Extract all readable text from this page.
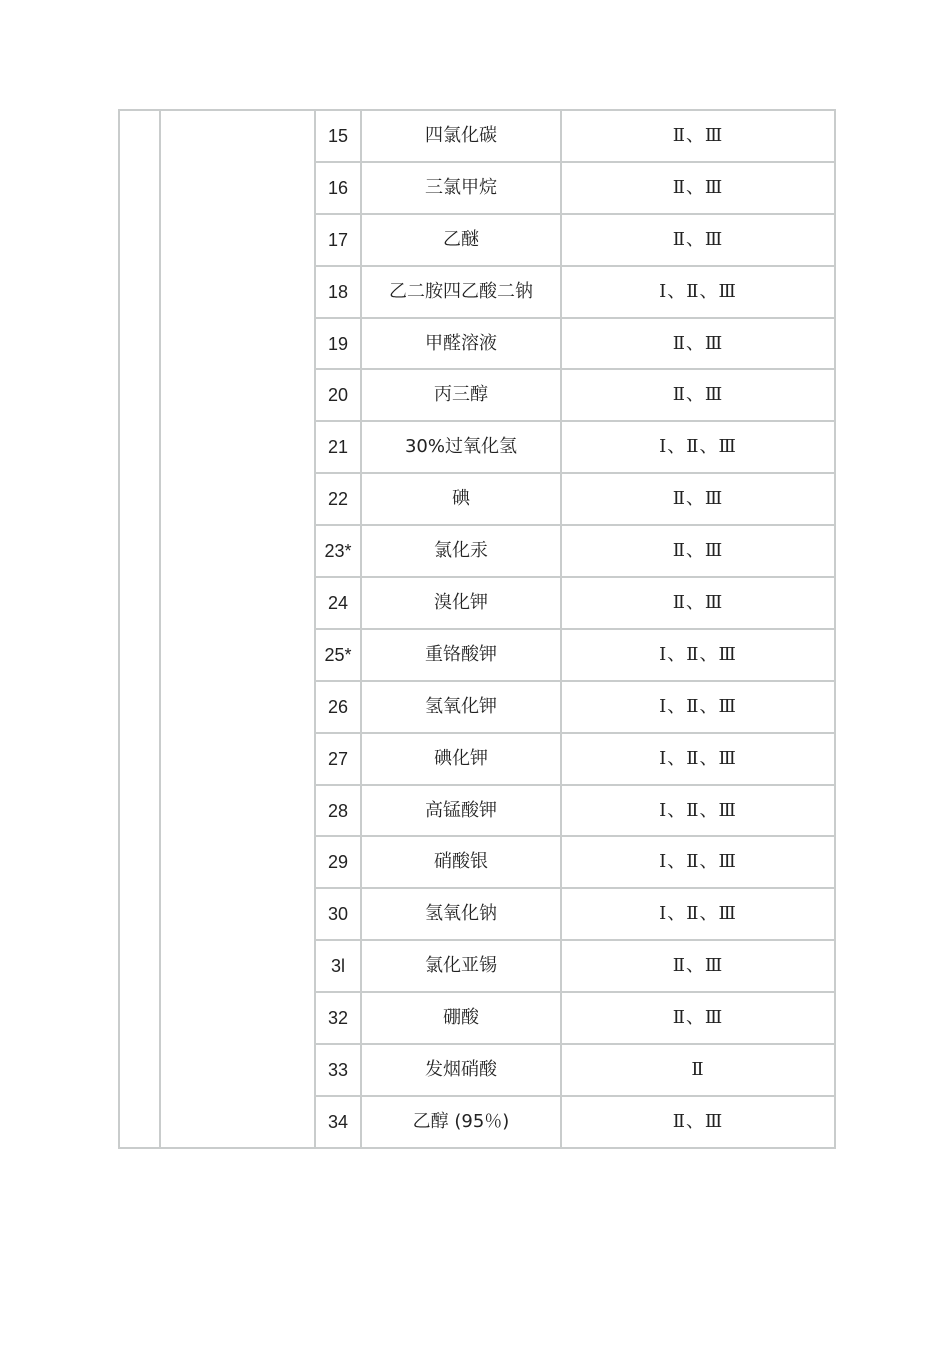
		15	四氯化碳	Ⅱ、Ⅲ
		16	三氯甲烷	Ⅱ、Ⅲ
		17	乙醚	Ⅱ、Ⅲ
		18	乙二胺四乙酸二钠	Ⅰ、Ⅱ、Ⅲ
		19	甲醛溶液	Ⅱ、Ⅲ
		20	丙三醇	Ⅱ、Ⅲ
		21	30%过氧化氢	Ⅰ、Ⅱ、Ⅲ
		22	碘	Ⅱ、Ⅲ
		23*	氯化汞	Ⅱ、Ⅲ
		24	溴化钾	Ⅱ、Ⅲ
		25*	重铬酸钾	Ⅰ、Ⅱ、Ⅲ
		26	氢氧化钾	Ⅰ、Ⅱ、Ⅲ
		27	碘化钾	Ⅰ、Ⅱ、Ⅲ
		28	高锰酸钾	Ⅰ、Ⅱ、Ⅲ
		29	硝酸银	Ⅰ、Ⅱ、Ⅲ
		30	氢氧化钠	Ⅰ、Ⅱ、Ⅲ
		3l	氯化亚锡	Ⅱ、Ⅲ
		32	硼酸	Ⅱ、Ⅲ
		33	发烟硝酸	Ⅱ
		34	乙醇 (95％)	Ⅱ、Ⅲ
